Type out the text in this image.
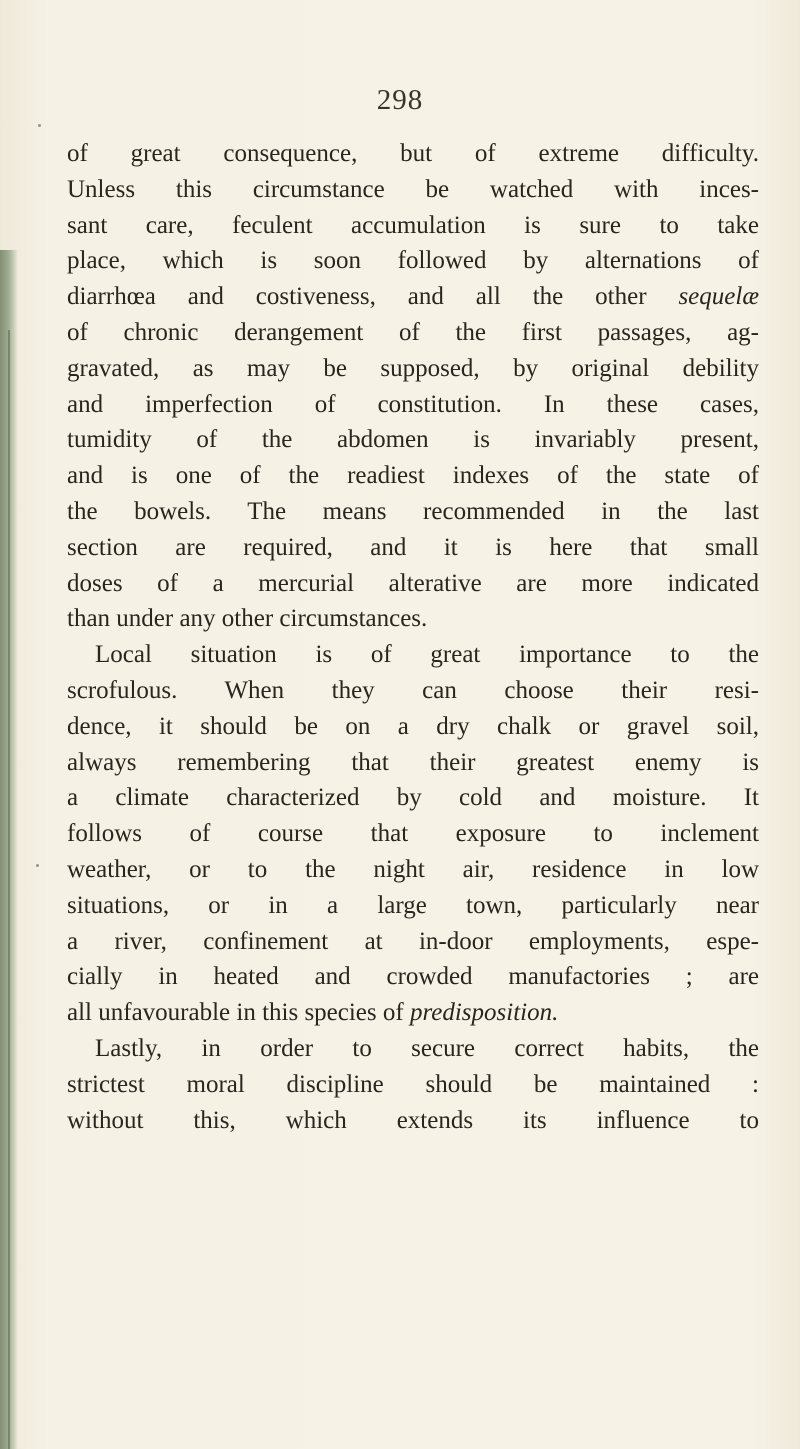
298
of great consequence, but of extreme difficulty.
Unless this circumstance be watched with inces-
sant care, feculent accumulation is sure to take
place, which is soon followed by alternations of
diarrhœa and costiveness, and all the other sequelæ
of chronic derangement of the first passages, ag-
gravated, as may be supposed, by original debility
and imperfection of constitution. In these cases,
tumidity of the abdomen is invariably present,
and is one of the readiest indexes of the state of
the bowels. The means recommended in the last
section are required, and it is here that small
doses of a mercurial alterative are more indicated
than under any other circumstances.
Local situation is of great importance to the
scrofulous. When they can choose their resi-
dence, it should be on a dry chalk or gravel soil,
always remembering that their greatest enemy is
a climate characterized by cold and moisture. It
follows of course that exposure to inclement
weather, or to the night air, residence in low
situations, or in a large town, particularly near
a river, confinement at in-door employments, espe-
cially in heated and crowded manufactories ; are
all unfavourable in this species of predisposition.
Lastly, in order to secure correct habits, the
strictest moral discipline should be maintained :
without this, which extends its influence to
